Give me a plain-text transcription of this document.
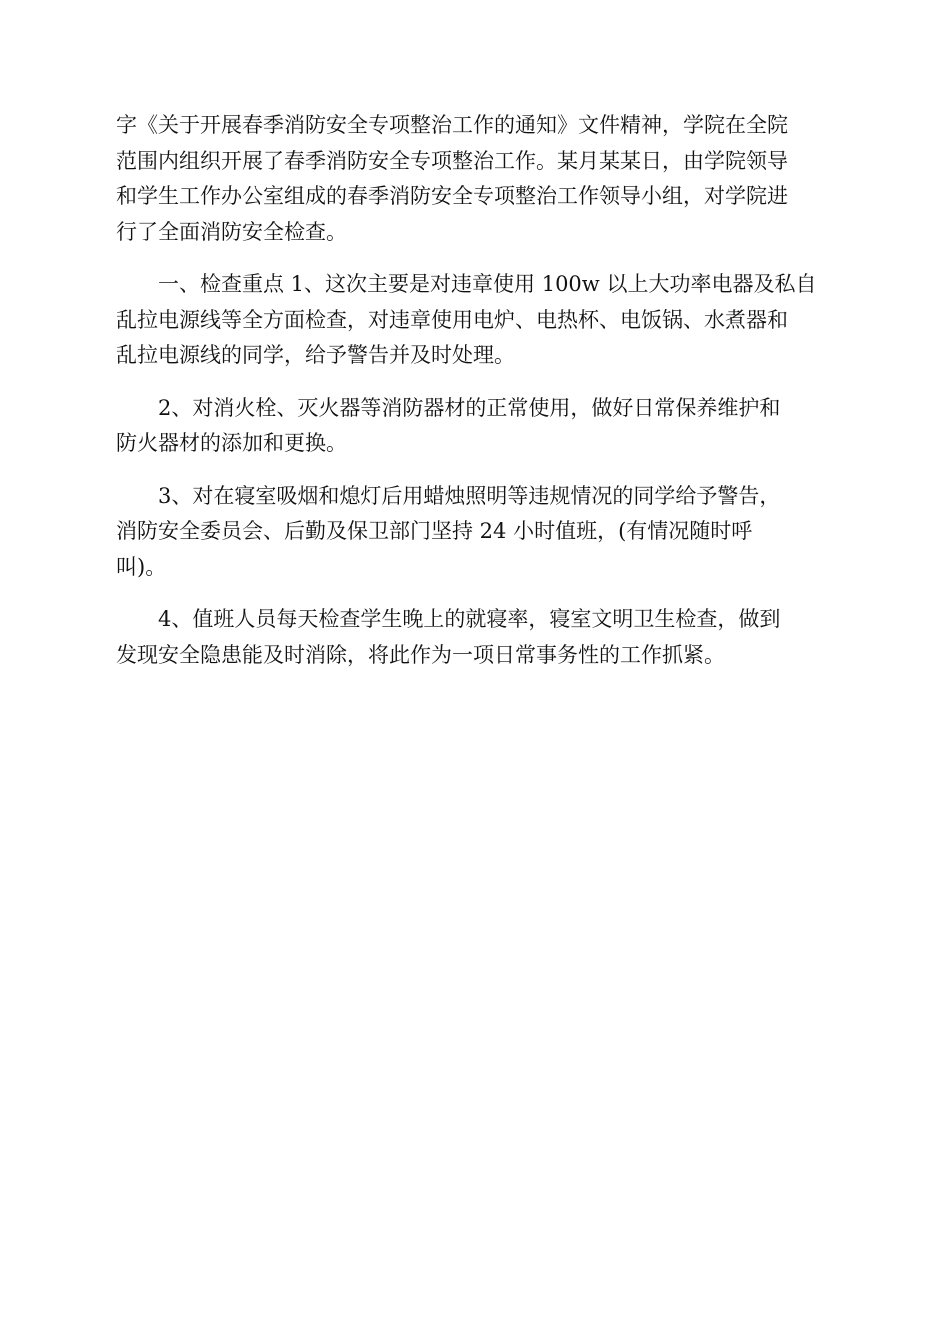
字《关于开展春季消防安全专项整治工作的通知》文件精神，学院在全院
范围内组织开展了春季消防安全专项整治工作。某月某某日，由学院领导
和学生工作办公室组成的春季消防安全专项整治工作领导小组，对学院进
行了全面消防安全检查。

一、检查重点 1、这次主要是对违章使用 100w 以上大功率电器及私自
乱拉电源线等全方面检查，对违章使用电炉、电热杯、电饭锅、水煮器和
乱拉电源线的同学，给予警告并及时处理。

2、对消火栓、灭火器等消防器材的正常使用，做好日常保养维护和
防火器材的添加和更换。

3、对在寝室吸烟和熄灯后用蜡烛照明等违规情况的同学给予警告，
消防安全委员会、后勤及保卫部门坚持 24 小时值班，(有情况随时呼
叫)。

4、值班人员每天检查学生晚上的就寝率，寝室文明卫生检查，做到
发现安全隐患能及时消除，将此作为一项日常事务性的工作抓紧。
